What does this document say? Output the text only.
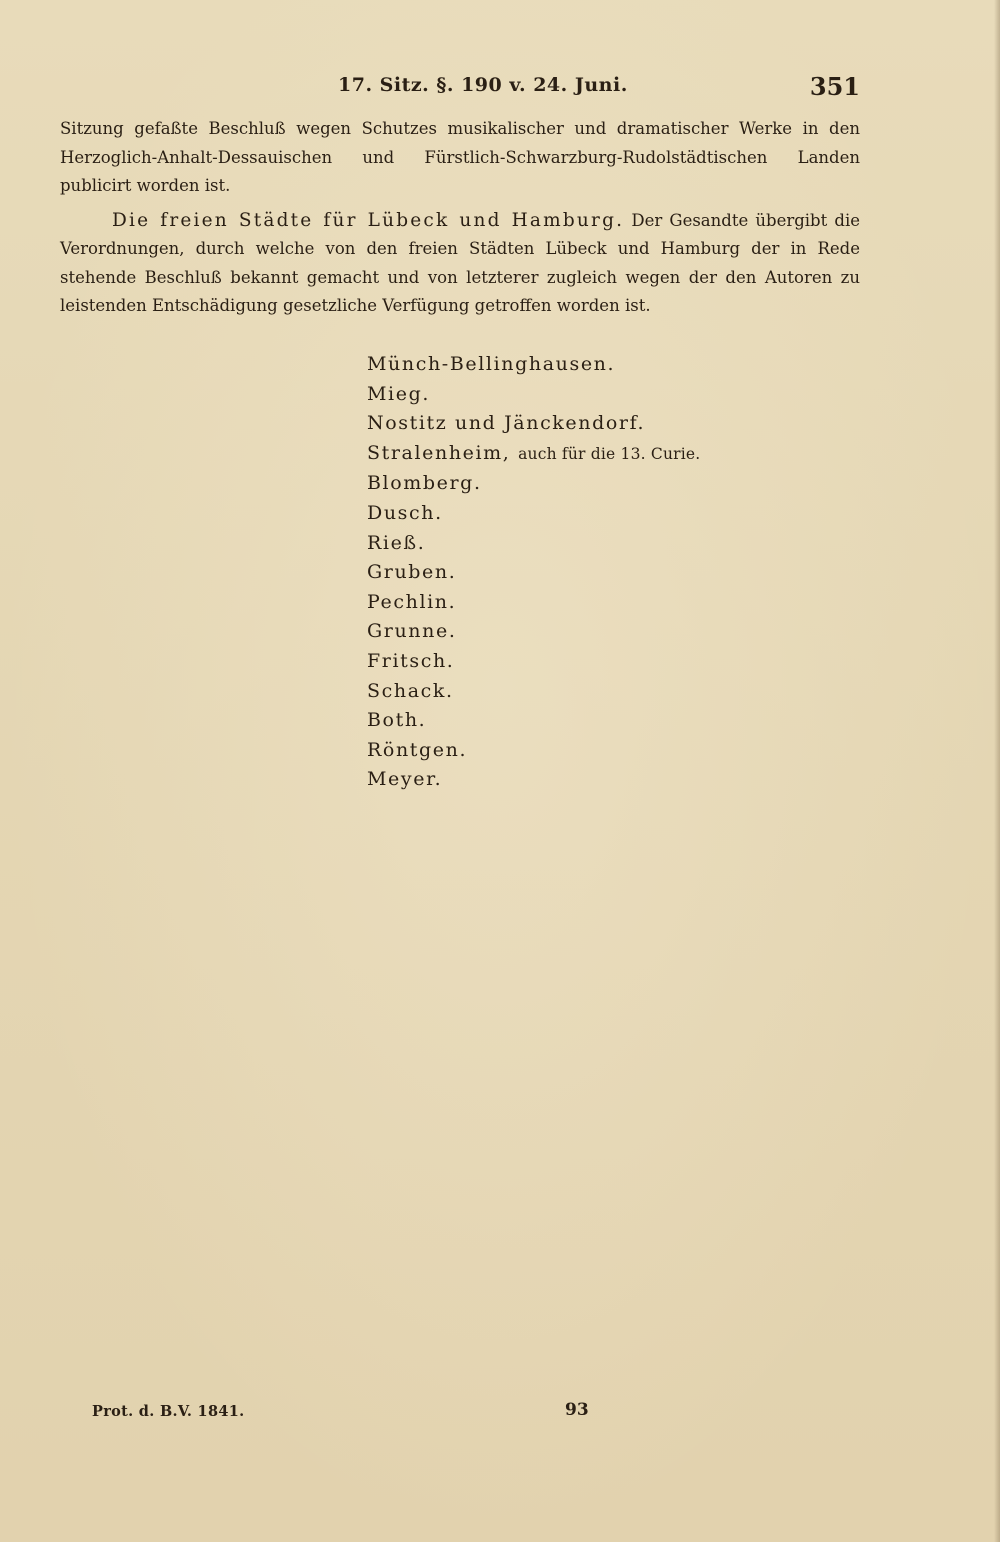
17. Sitz. §. 190 v. 24. Juni.	351

Sitzung gefaßte Beschluß wegen Schutzes musikalischer und dramatischer Werke in den Herzoglich-Anhalt-Dessauischen und Fürstlich-Schwarzburg-Rudolstädtischen Landen publicirt worden ist.

Die freien Städte für Lübeck und Hamburg. Der Gesandte übergibt die Verordnungen, durch welche von den freien Städten Lübeck und Hamburg der in Rede stehende Beschluß bekannt gemacht und von letzterer zugleich wegen der den Autoren zu leistenden Entschädigung gesetzliche Verfügung getroffen worden ist.

Münch-Bellinghausen.
Mieg.
Nostitz und Jänckendorf.
Stralenheim, auch für die 13. Curie.
Blomberg.
Dusch.
Rieß.
Gruben.
Pechlin.
Grunne.
Fritsch.
Schack.
Both.
Röntgen.
Meyer.
Prot. d. B.V. 1841.	93
